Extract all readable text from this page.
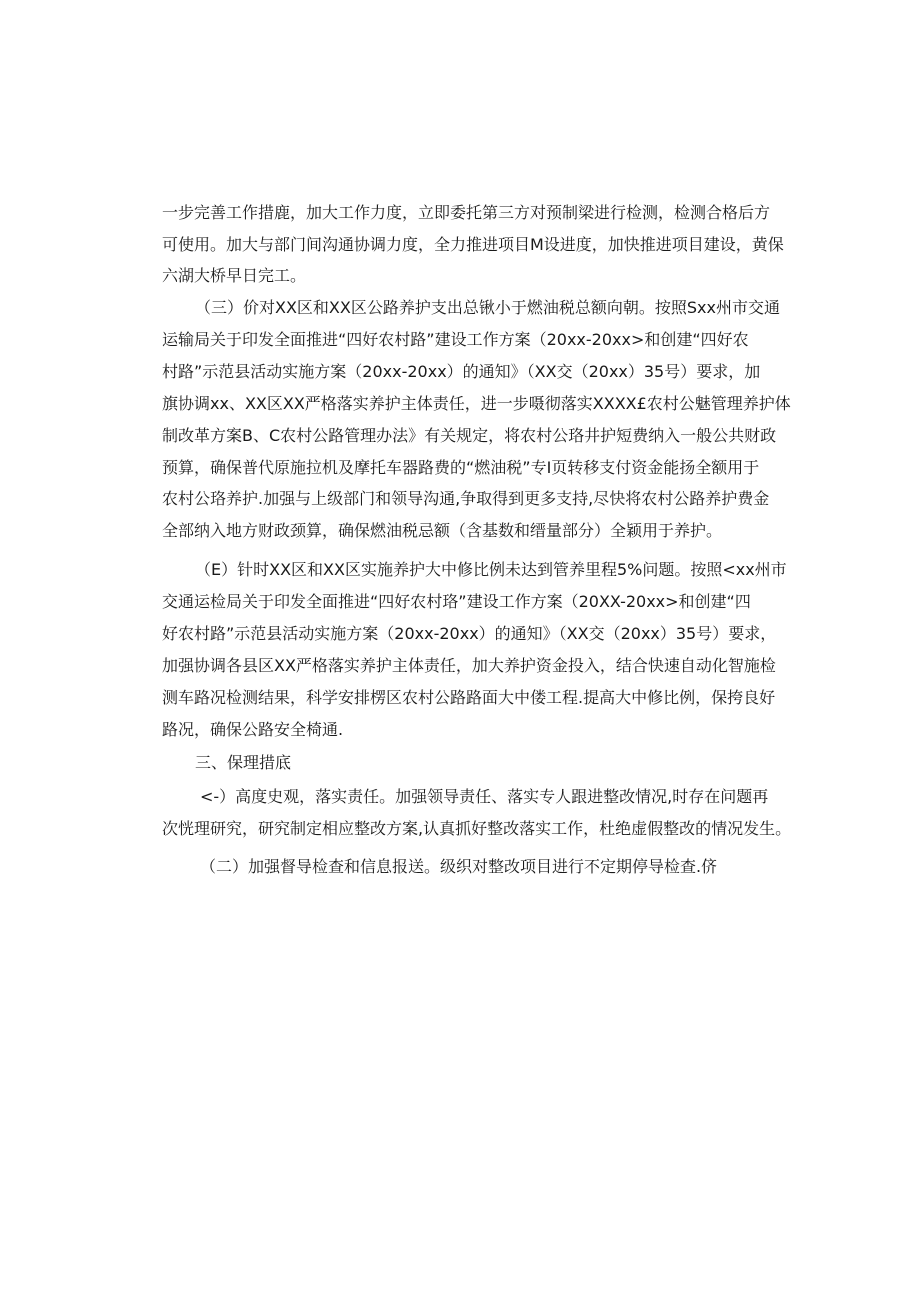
一步完善工作措鹿，加大工作力度，立即委托第三方对预制梁进行检测，检测合格后方
可使用。加大与部门间沟通协调力度，全力推进项目M设进度，加快推进项目建设，黄保
六湖大桥早日完工。
（三）价对XX区和XX区公路养护支出总锹小于燃油税总额向朝。按照Sxx州市交通
运输局关于印发全面推进“四好农村路”建设工作方案（20xx-20xx>和创建“四好农
村路”示范县活动实施方案（20xx-20xx）的通知》（XX交（20xx）35号）要求，加
旗协调xx、XX区XX严格落实养护主体责任，进一步嗫彻落实XXXX£农村公魅管理养护体
制改革方案B、C农村公路管理办法》有关规定，将农村公珞井护短费纳入一般公共财政
预算，确保普代原施拉机及摩托车器路费的“燃油税”专I页转移支付资金能扬全额用于
农村公珞养护.加强与上级部门和领导沟通,争取得到更多支持,尽快将农村公路养护费金
全部纳入地方财政颈算，确保燃油税忌额（含基数和缙量部分）全颖用于养护。
（E）针时XX区和XX区实施养护大中修比例未达到管养里程5%问题。按照<xx州市
交通运检局关于印发全面推进“四好农村珞”建设工作方案（20XX-20xx>和创建“四
好农村路”示范县活动实施方案（20xx-20xx）的通知》（XX交（20xx）35号）要求，
加强协调各县区XX严格落实养护主体责任，加大养护资金投入，结合快速自动化智施检
测车路况检测结果，科学安排楞区农村公路路面大中偻工程.提高大中修比例，保挎良好
路况，确保公路安全椅通.
三、保理措底
<-）高度史观，落实责任。加强领导责任、落实专人跟进整改情况,时存在问题再
次恍理研究，研究制定相应整改方案,认真抓好整改落实工作，杜绝虚假整改的情况发生。
（二）加强督导检查和信息报送。级织对整改项目进行不定期停导检查.侪
